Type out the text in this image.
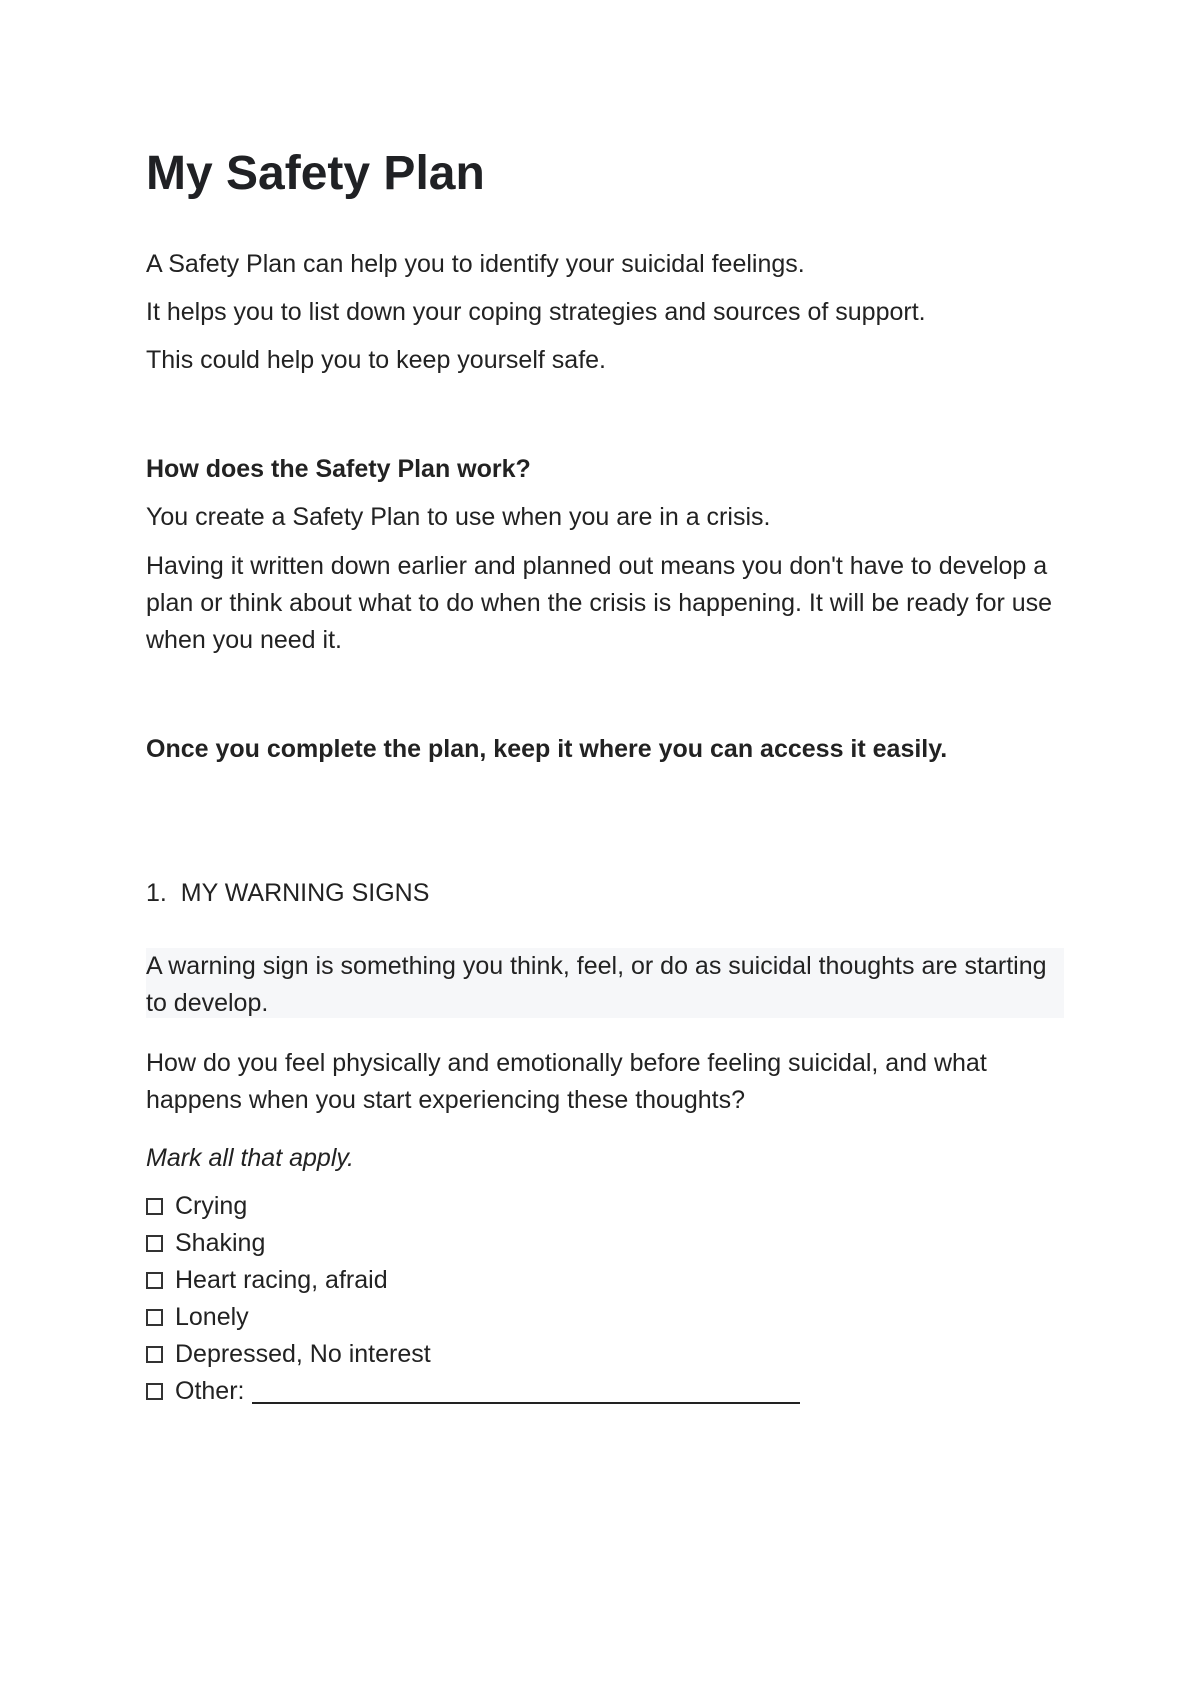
My Safety Plan

A Safety Plan can help you to identify your suicidal feelings.

It helps you to list down your coping strategies and sources of support.

This could help you to keep yourself safe.

How does the Safety Plan work?

You create a Safety Plan to use when you are in a crisis.

Having it written down earlier and planned out means you don't have to develop a plan or think about what to do when the crisis is happening. It will be ready for use when you need it.

Once you complete the plan, keep it where you can access it easily.

1.  MY WARNING SIGNS

A warning sign is something you think, feel, or do as suicidal thoughts are starting to develop.

How do you feel physically and emotionally before feeling suicidal, and what happens when you start experiencing these thoughts?

Mark all that apply.

Crying
Shaking
Heart racing, afraid
Lonely
Depressed, No interest
Other:
